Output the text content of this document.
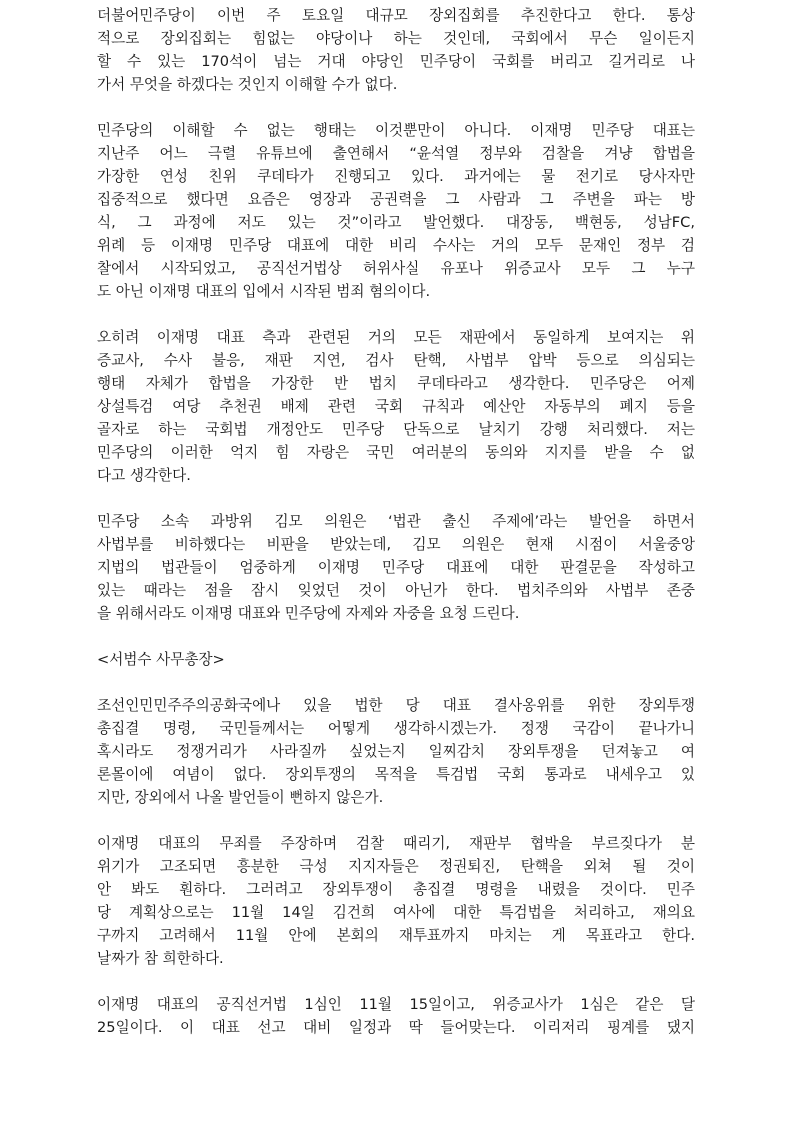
더불어민주당이 이번 주 토요일 대규모 장외집회를 추진한다고 한다. 통상
적으로 장외집회는 힘없는 야당이나 하는 것인데, 국회에서 무슨 일이든지
할 수 있는 170석이 넘는 거대 야당인 민주당이 국회를 버리고 길거리로 나
가서 무엇을 하겠다는 것인지 이해할 수가 없다.
민주당의 이해할 수 없는 행태는 이것뿐만이 아니다. 이재명 민주당 대표는
지난주 어느 극렬 유튜브에 출연해서 “윤석열 정부와 검찰을 겨냥 합법을
가장한 연성 친위 쿠데타가 진행되고 있다. 과거에는 물 전기로 당사자만
집중적으로 했다면 요즘은 영장과 공권력을 그 사람과 그 주변을 파는 방
식, 그 과정에 저도 있는 것”이라고 발언했다. 대장동, 백현동, 성남FC,
위례 등 이재명 민주당 대표에 대한 비리 수사는 거의 모두 문재인 정부 검
찰에서 시작되었고, 공직선거법상 허위사실 유포나 위증교사 모두 그 누구
도 아닌 이재명 대표의 입에서 시작된 범죄 혐의이다.
오히려 이재명 대표 측과 관련된 거의 모든 재판에서 동일하게 보여지는 위
증교사, 수사 불응, 재판 지연, 검사 탄핵, 사법부 압박 등으로 의심되는
행태 자체가 합법을 가장한 반 법치 쿠데타라고 생각한다. 민주당은 어제
상설특검 여당 추천권 배제 관련 국회 규칙과 예산안 자동부의 폐지 등을
골자로 하는 국회법 개정안도 민주당 단독으로 날치기 강행 처리했다. 저는
민주당의 이러한 억지 힘 자랑은 국민 여러분의 동의와 지지를 받을 수 없
다고 생각한다.
민주당 소속 과방위 김모 의원은 ‘법관 출신 주제에’라는 발언을 하면서
사법부를 비하했다는 비판을 받았는데, 김모 의원은 현재 시점이 서울중앙
지법의 법관들이 엄중하게 이재명 민주당 대표에 대한 판결문을 작성하고
있는 때라는 점을 잠시 잊었던 것이 아닌가 한다. 법치주의와 사법부 존중
을 위해서라도 이재명 대표와 민주당에 자제와 자중을 요청 드린다.
<서범수 사무총장>
조선인민민주주의공화국에나 있을 법한 당 대표 결사옹위를 위한 장외투쟁
총집결 명령, 국민들께서는 어떻게 생각하시겠는가. 정쟁 국감이 끝나가니
혹시라도 정쟁거리가 사라질까 싶었는지 일찌감치 장외투쟁을 던져놓고 여
론몰이에 여념이 없다. 장외투쟁의 목적을 특검법 국회 통과로 내세우고 있
지만, 장외에서 나올 발언들이 뻔하지 않은가.
이재명 대표의 무죄를 주장하며 검찰 때리기, 재판부 협박을 부르짖다가 분
위기가 고조되면 흥분한 극성 지지자들은 정권퇴진, 탄핵을 외쳐 될 것이
안 봐도 훤하다. 그러려고 장외투쟁이 총집결 명령을 내렸을 것이다. 민주
당 계획상으로는 11월 14일 김건희 여사에 대한 특검법을 처리하고, 재의요
구까지 고려해서 11월 안에 본회의 재투표까지 마치는 게 목표라고 한다.
날짜가 참 희한하다.
이재명 대표의 공직선거법 1심인 11월 15일이고, 위증교사가 1심은 같은 달
25일이다. 이 대표 선고 대비 일정과 딱 들어맞는다. 이리저리 핑계를 댔지
